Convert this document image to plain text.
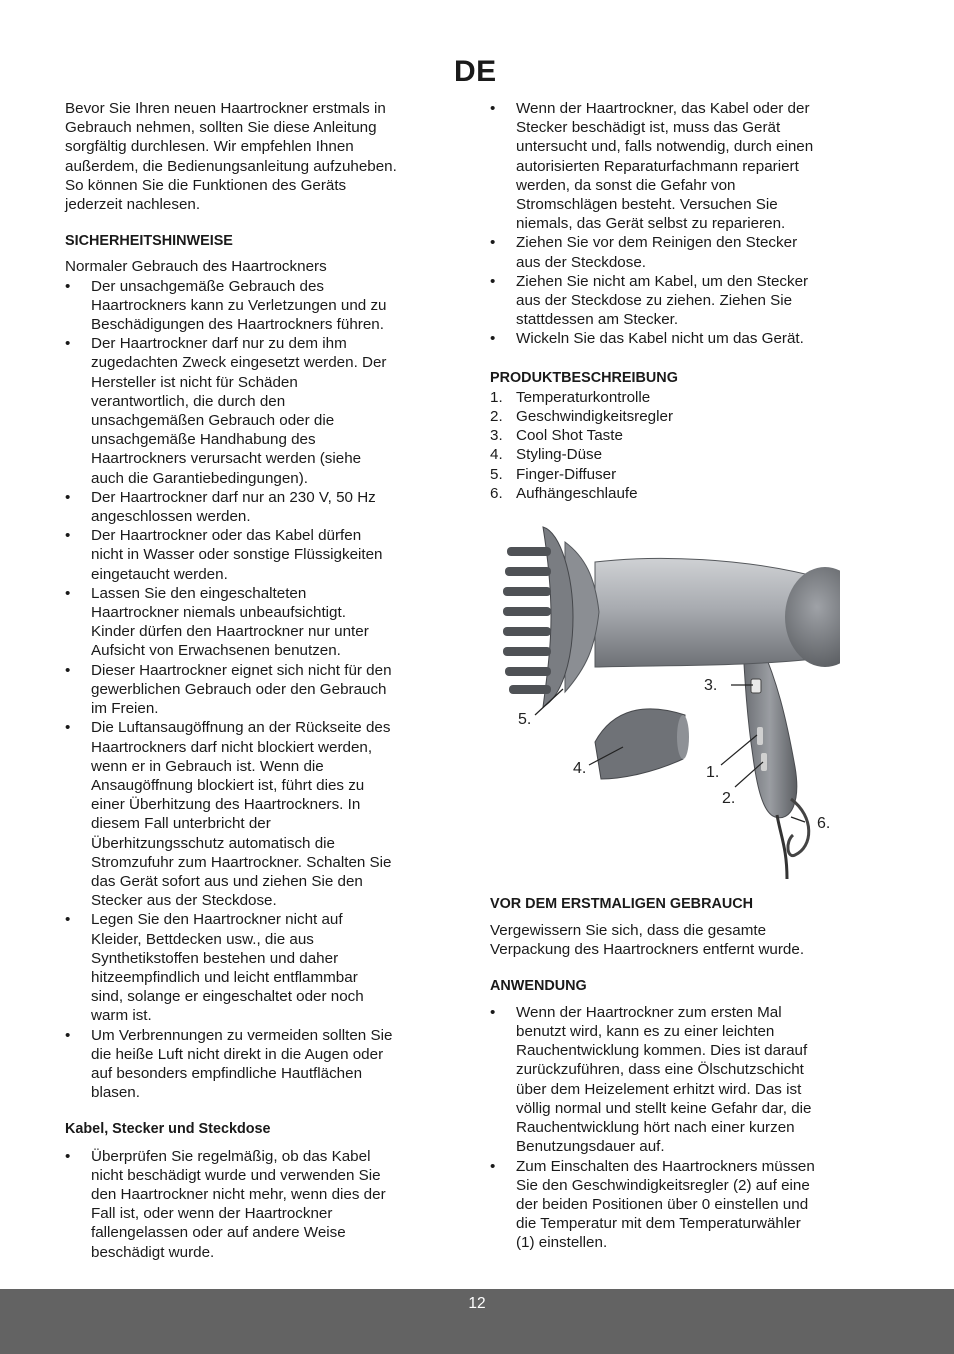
DE

Bevor Sie Ihren neuen Haartrockner erstmals in
Gebrauch nehmen, sollten Sie diese Anleitung
sorgfältig durchlesen. Wir empfehlen Ihnen
außerdem, die Bedienungsanleitung aufzuheben.
So können Sie die Funktionen des Geräts
jederzeit nachlesen.

SICHERHEITSHINWEISE

Normaler Gebrauch des Haartrockners

• Der unsachgemäße Gebrauch des
Haartrockners kann zu Verletzungen und zu
Beschädigungen des Haartrockners führen.
• Der Haartrockner darf nur zu dem ihm
zugedachten Zweck eingesetzt werden. Der
Hersteller ist nicht für Schäden
verantwortlich, die durch den
unsachgemäßen Gebrauch oder die
unsachgemäße Handhabung des
Haartrockners verursacht werden (siehe
auch die Garantiebedingungen).
• Der Haartrockner darf nur an 230 V, 50 Hz
angeschlossen werden.
• Der Haartrockner oder das Kabel dürfen
nicht in Wasser oder sonstige Flüssigkeiten
eingetaucht werden.
• Lassen Sie den eingeschalteten
Haartrockner niemals unbeaufsichtigt.
Kinder dürfen den Haartrockner nur unter
Aufsicht von Erwachsenen benutzen.
• Dieser Haartrockner eignet sich nicht für den
gewerblichen Gebrauch oder den Gebrauch
im Freien.
• Die Luftansaugöffnung an der Rückseite des
Haartrockners darf nicht blockiert werden,
wenn er in Gebrauch ist. Wenn die
Ansaugöffnung blockiert ist, führt dies zu
einer Überhitzung des Haartrockners. In
diesem Fall unterbricht der
Überhitzungsschutz automatisch die
Stromzufuhr zum Haartrockner. Schalten Sie
das Gerät sofort aus und ziehen Sie den
Stecker aus der Steckdose.
• Legen Sie den Haartrockner nicht auf
Kleider, Bettdecken usw., die aus
Synthetikstoffen bestehen und daher
hitzeempfindlich und leicht entflammbar
sind, solange er eingeschaltet oder noch
warm ist.
• Um Verbrennungen zu vermeiden sollten Sie
die heiße Luft nicht direkt in die Augen oder
auf besonders empfindliche Hautflächen
blasen.
Kabel, Stecker und Steckdose
• Überprüfen Sie regelmäßig, ob das Kabel
nicht beschädigt wurde und verwenden Sie
den Haartrockner nicht mehr, wenn dies der
Fall ist, oder wenn der Haartrockner
fallengelassen oder auf andere Weise
beschädigt wurde.
• Wenn der Haartrockner, das Kabel oder der
Stecker beschädigt ist, muss das Gerät
untersucht und, falls notwendig, durch einen
autorisierten Reparaturfachmann repariert
werden, da sonst die Gefahr von
Stromschlägen besteht. Versuchen Sie
niemals, das Gerät selbst zu reparieren.
• Ziehen Sie vor dem Reinigen den Stecker
aus der Steckdose.
• Ziehen Sie nicht am Kabel, um den Stecker
aus der Steckdose zu ziehen. Ziehen Sie
stattdessen am Stecker.
• Wickeln Sie das Kabel nicht um das Gerät.
PRODUKTBESCHREIBUNG
1. Temperaturkontrolle
2. Geschwindigkeitsregler
3. Cool Shot Taste
4. Styling-Düse
5. Finger-Diffuser
6. Aufhängeschlaufe
VOR DEM ERSTMALIGEN GEBRAUCH

Vergewissern Sie sich, dass die gesamte
Verpackung des Haartrockners entfernt wurde.

ANWENDUNG
• Wenn der Haartrockner zum ersten Mal
benutzt wird, kann es zu einer leichten
Rauchentwicklung kommen. Dies ist darauf
zurückzuführen, dass eine Ölschutzschicht
über dem Heizelement erhitzt wird. Das ist
völlig normal und stellt keine Gefahr dar, die
Rauchentwicklung hört nach einer kurzen
Benutzungsdauer auf.
• Zum Einschalten des Haartrockners müssen
Sie den Geschwindigkeitsregler (2) auf eine
der beiden Positionen über 0 einstellen und
die Temperatur mit dem Temperaturwähler
(1) einstellen.
3.
5.
4.	1.
2.
6.
12
